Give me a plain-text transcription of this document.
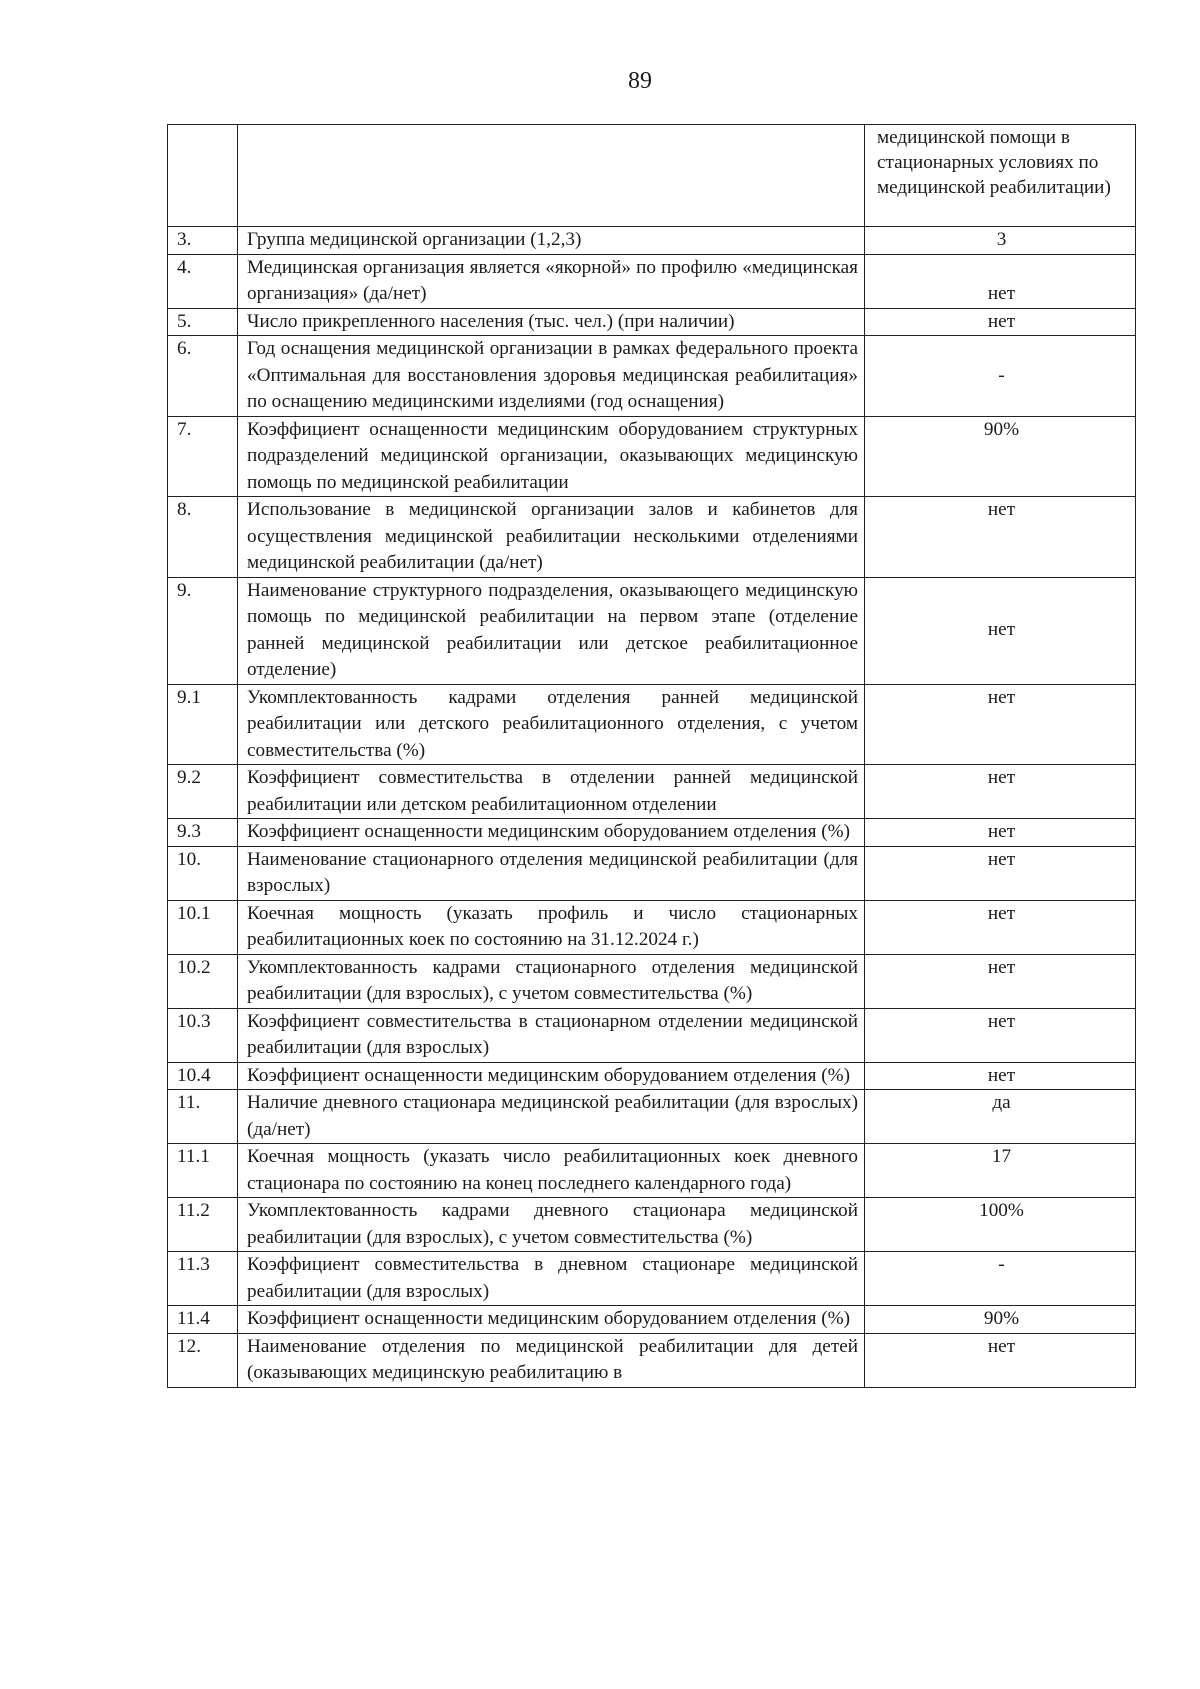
89
		медицинской помощи в стационарных условиях по медицинской реабилитации)
3.	Группа медицинской организации (1,2,3)	3
4.	Медицинская организация является «якорной» по профилю «медицинская организация» (да/нет)	нет
5.	Число прикрепленного населения (тыс. чел.) (при наличии)	нет
6.	Год оснащения медицинской организации в рамках федерального проекта «Оптимальная для восстановления здоровья медицинская реабилитация» по оснащению медицинскими изделиями (год оснащения)	-
7.	Коэффициент оснащенности медицинским оборудованием структурных подразделений медицинской организации, оказывающих медицинскую помощь по медицинской реабилитации	90%
8.	Использование в медицинской организации залов и кабинетов для осуществления медицинской реабилитации несколькими отделениями медицинской реабилитации (да/нет)	нет
9.	Наименование структурного подразделения, оказывающего медицинскую помощь по медицинской реабилитации на первом этапе (отделение ранней медицинской реабилитации или детское реабилитационное отделение)	нет
9.1	Укомплектованность кадрами отделения ранней медицинской реабилитации или детского реабилитационного отделения, с учетом совместительства (%)	нет
9.2	Коэффициент совместительства в отделении ранней медицинской реабилитации или детском реабилитационном отделении	нет
9.3	Коэффициент оснащенности медицинским оборудованием отделения (%)	нет
10.	Наименование стационарного отделения медицинской реабилитации (для взрослых)	нет
10.1	Коечная мощность (указать профиль и число стационарных реабилитационных коек по состоянию на 31.12.2024 г.)	нет
10.2	Укомплектованность кадрами стационарного отделения медицинской реабилитации (для взрослых), с учетом совместительства (%)	нет
10.3	Коэффициент совместительства в стационарном отделении медицинской реабилитации (для взрослых)	нет
10.4	Коэффициент оснащенности медицинским оборудованием отделения (%)	нет
11.	Наличие дневного стационара медицинской реабилитации (для взрослых) (да/нет)	да
11.1	Коечная мощность (указать число реабилитационных коек дневного стационара по состоянию на конец последнего календарного года)	17
11.2	Укомплектованность кадрами дневного стационара медицинской реабилитации (для взрослых), с учетом совместительства (%)	100%
11.3	Коэффициент совместительства в дневном стационаре медицинской реабилитации (для взрослых)	-
11.4	Коэффициент оснащенности медицинским оборудованием отделения (%)	90%
12.	Наименование отделения по медицинской реабилитации для детей (оказывающих медицинскую реабилитацию в	нет
